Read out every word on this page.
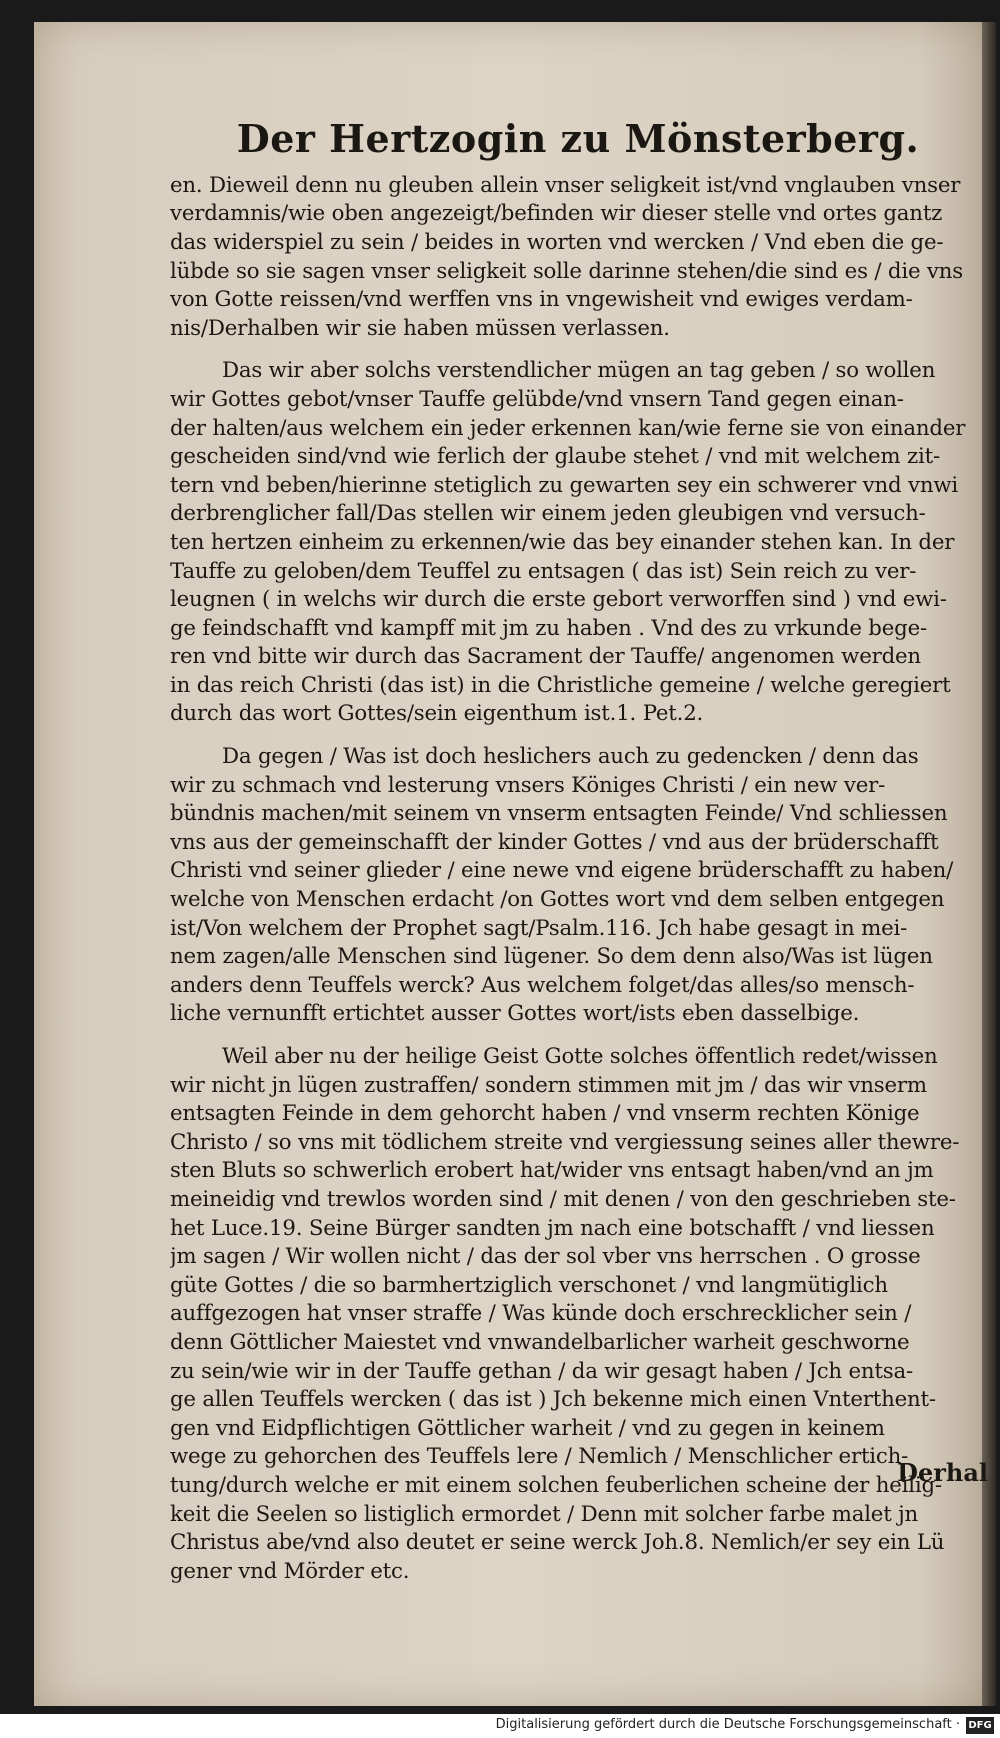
Der Hertzogin zu Mönsterberg.
en. Dieweil denn nu gleuben allein vnser seligkeit ist/vnd vnglauben vnser
verdamnis/wie oben angezeigt/befinden wir dieser stelle vnd ortes gantz
das widerspiel zu sein / beides in worten vnd wercken / Vnd eben die ge-
lübde so sie sagen vnser seligkeit solle darinne stehen/die sind es / die vns
von Gotte reissen/vnd werffen vns in vngewisheit vnd ewiges verdam-
nis/Derhalben wir sie haben müssen verlassen.
Das wir aber solchs verstendlicher mügen an tag geben / so wollen
wir Gottes gebot/vnser Tauffe gelübde/vnd vnsern Tand gegen einan-
der halten/aus welchem ein jeder erkennen kan/wie ferne sie von einander
gescheiden sind/vnd wie ferlich der glaube stehet / vnd mit welchem zit-
tern vnd beben/hierinne stetiglich zu gewarten sey ein schwerer vnd vnwi
derbrenglicher fall/Das stellen wir einem jeden gleubigen vnd versuch-
ten hertzen einheim zu erkennen/wie das bey einander stehen kan. In der
Tauffe zu geloben/dem Teuffel zu entsagen ( das ist) Sein reich zu ver-
leugnen ( in welchs wir durch die erste gebort verworffen sind ) vnd ewi-
ge feindschafft vnd kampff mit jm zu haben . Vnd des zu vrkunde bege-
ren vnd bitte wir durch das Sacrament der Tauffe/ angenomen werden
in das reich Christi (das ist) in die Christliche gemeine / welche geregiert
durch das wort Gottes/sein eigenthum ist.1. Pet.2.
Da gegen / Was ist doch heslichers auch zu gedencken / denn das
wir zu schmach vnd lesterung vnsers Königes Christi / ein new ver-
bündnis machen/mit seinem vn vnserm entsagten Feinde/ Vnd schliessen
vns aus der gemeinschafft der kinder Gottes / vnd aus der brüderschafft
Christi vnd seiner glieder / eine newe vnd eigene brüderschafft zu haben/
welche von Menschen erdacht /on Gottes wort vnd dem selben entgegen
ist/Von welchem der Prophet sagt/Psalm.116. Jch habe gesagt in mei-
nem zagen/alle Menschen sind lügener. So dem denn also/Was ist lügen
anders denn Teuffels werck? Aus welchem folget/das alles/so mensch-
liche vernunfft ertichtet ausser Gottes wort/ists eben dasselbige.
Weil aber nu der heilige Geist Gotte solches öffentlich redet/wissen
wir nicht jn lügen zustraffen/ sondern stimmen mit jm / das wir vnserm
entsagten Feinde in dem gehorcht haben / vnd vnserm rechten Könige
Christo / so vns mit tödlichem streite vnd vergiessung seines aller thewre-
sten Bluts so schwerlich erobert hat/wider vns entsagt haben/vnd an jm
meineidig vnd trewlos worden sind / mit denen / von den geschrieben ste-
het Luce.19. Seine Bürger sandten jm nach eine botschafft / vnd liessen
jm sagen / Wir wollen nicht / das der sol vber vns herrschen . O grosse
güte Gottes / die so barmhertziglich verschonet / vnd langmütiglich
auffgezogen hat vnser straffe / Was künde doch erschrecklicher sein /
denn Göttlicher Maiestet vnd vnwandelbarlicher warheit geschworne
zu sein/wie wir in der Tauffe gethan / da wir gesagt haben / Jch entsa-
ge allen Teuffels wercken ( das ist ) Jch bekenne mich einen Vnterthent-
gen vnd Eidpflichtigen Göttlicher warheit / vnd zu gegen in keinem
wege zu gehorchen des Teuffels lere / Nemlich / Menschlicher ertich-
tung/durch welche er mit einem solchen feuberlichen scheine der heilig-
keit die Seelen so listiglich ermordet / Denn mit solcher farbe malet jn
Christus abe/vnd also deutet er seine werck Joh.8. Nemlich/er sey ein Lü
gener vnd Mörder etc.
Derhal
Digitalisierung gefördert durch die Deutsche Forschungsgemeinschaft · DFG
